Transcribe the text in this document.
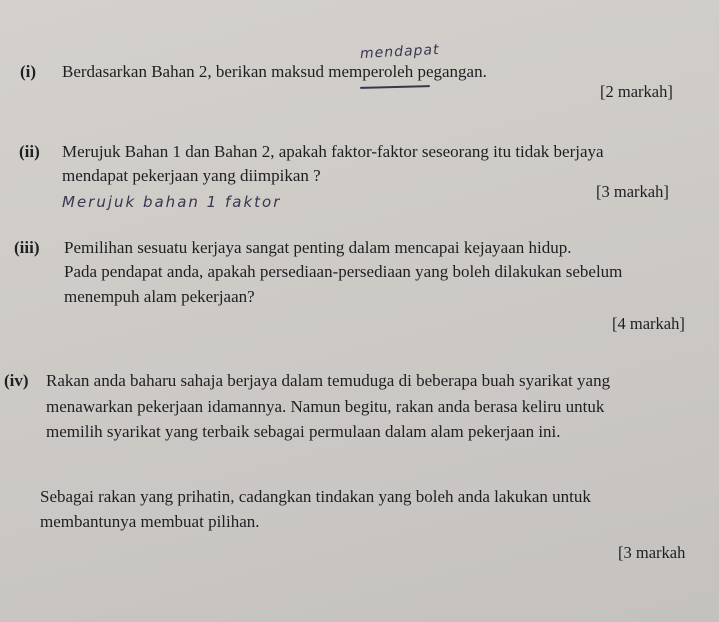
mendapat
(i) Berdasarkan Bahan 2, berikan maksud memperoleh pegangan.
[2 markah]
(ii) Merujuk Bahan 1 dan Bahan 2, apakah faktor-faktor seseorang itu tidak berjaya
mendapat pekerjaan yang diimpikan ?
Merujuk bahan 1 faktor
[3 markah]
(iii) Pemilihan sesuatu kerjaya sangat penting dalam mencapai kejayaan hidup.
Pada pendapat anda, apakah persediaan-persediaan yang boleh dilakukan sebelum
menempuh alam pekerjaan?
[4 markah]
(iv) Rakan anda baharu sahaja berjaya dalam temuduga di beberapa buah syarikat yang
menawarkan pekerjaan idamannya. Namun begitu, rakan anda berasa keliru untuk
memilih syarikat yang terbaik sebagai permulaan dalam alam pekerjaan ini.
Sebagai rakan yang prihatin, cadangkan tindakan yang boleh anda lakukan untuk
membantunya membuat pilihan.
[3 markah
